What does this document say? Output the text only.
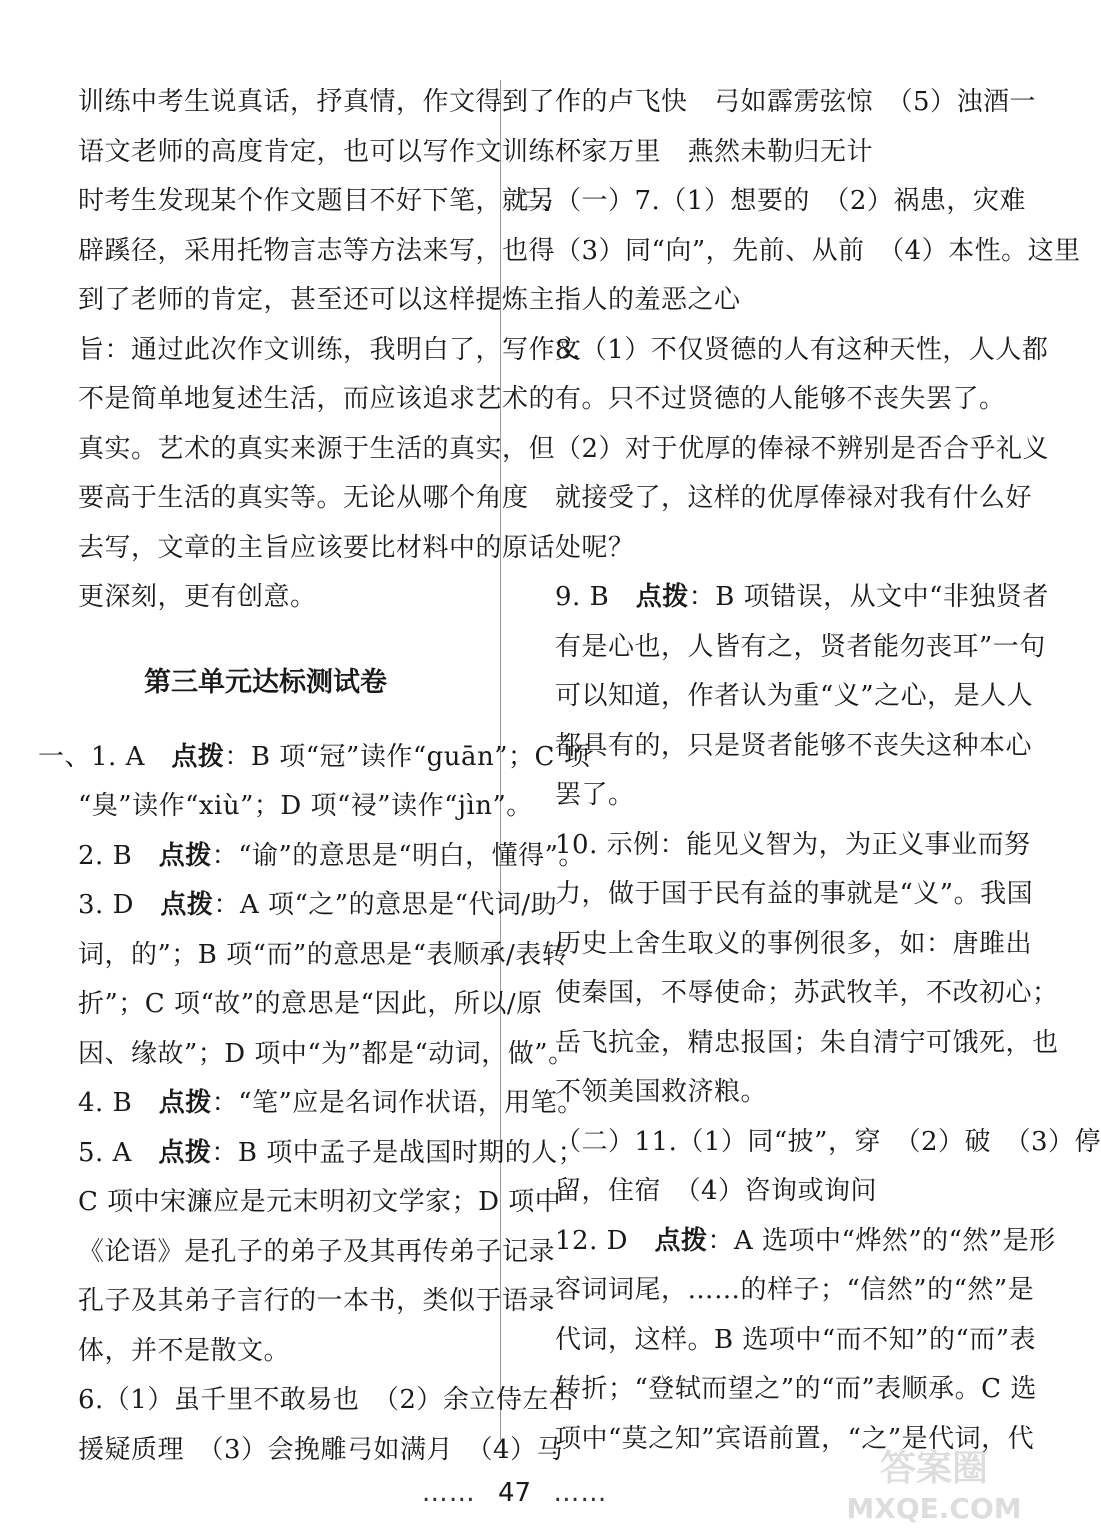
训练中考生说真话，抒真情，作文得到了
语文老师的高度肯定，也可以写作文训练
时考生发现某个作文题目不好下笔，就另
辟蹊径，采用托物言志等方法来写，也得
到了老师的肯定，甚至还可以这样提炼主
旨：通过此次作文训练，我明白了，写作文
不是简单地复述生活，而应该追求艺术的
真实。艺术的真实来源于生活的真实，但
要高于生活的真实等。无论从哪个角度
去写，文章的主旨应该要比材料中的原话
更深刻，更有创意。
第三单元达标测试卷
一、1. A　点拨：B 项“冠”读作“guān”；C 项
“臭”读作“xiù”；D 项“祲”读作“jìn”。
2. B　点拨：“谕”的意思是“明白，懂得”。
3. D　点拨：A 项“之”的意思是“代词/助
词，的”；B 项“而”的意思是“表顺承/表转
折”；C 项“故”的意思是“因此，所以/原
因、缘故”；D 项中“为”都是“动词，做”。
4. B　点拨：“笔”应是名词作状语，用笔。
5. A　点拨：B 项中孟子是战国时期的人；
C 项中宋濂应是元末明初文学家；D 项中
《论语》是孔子的弟子及其再传弟子记录
孔子及其弟子言行的一本书，类似于语录
体，并不是散文。
6.（1）虽千里不敢易也　（2）余立侍左右
援疑质理　（3）会挽雕弓如满月　（4）马
作的卢飞快　弓如霹雳弦惊　（5）浊酒一
杯家万里　燕然未勒归无计
二、（一）7.（1）想要的　（2）祸患，灾难
（3）同“向”，先前、从前　（4）本性。这里
指人的羞恶之心
8.（1）不仅贤德的人有这种天性，人人都
有。只不过贤德的人能够不丧失罢了。
（2）对于优厚的俸禄不辨别是否合乎礼义
就接受了，这样的优厚俸禄对我有什么好
处呢？
9. B　点拨：B 项错误，从文中“非独贤者
有是心也，人皆有之，贤者能勿丧耳”一句
可以知道，作者认为重“义”之心，是人人
都具有的，只是贤者能够不丧失这种本心
罢了。
10. 示例：能见义智为，为正义事业而努
力，做于国于民有益的事就是“义”。我国
历史上舍生取义的事例很多，如：唐雎出
使秦国，不辱使命；苏武牧羊，不改初心；
岳飞抗金，精忠报国；朱自清宁可饿死，也
不领美国救济粮。
（二）11.（1）同“披”，穿　（2）破　（3）停
留，住宿　（4）咨询或询问
12. D　点拨：A 选项中“烨然”的“然”是形
容词词尾，……的样子；“信然”的“然”是
代词，这样。B 选项中“而不知”的“而”表
转折；“登轼而望之”的“而”表顺承。C 选
项中“莫之知”宾语前置，“之”是代词，代
…… 47 ……
答案圈
MXQE.COM
